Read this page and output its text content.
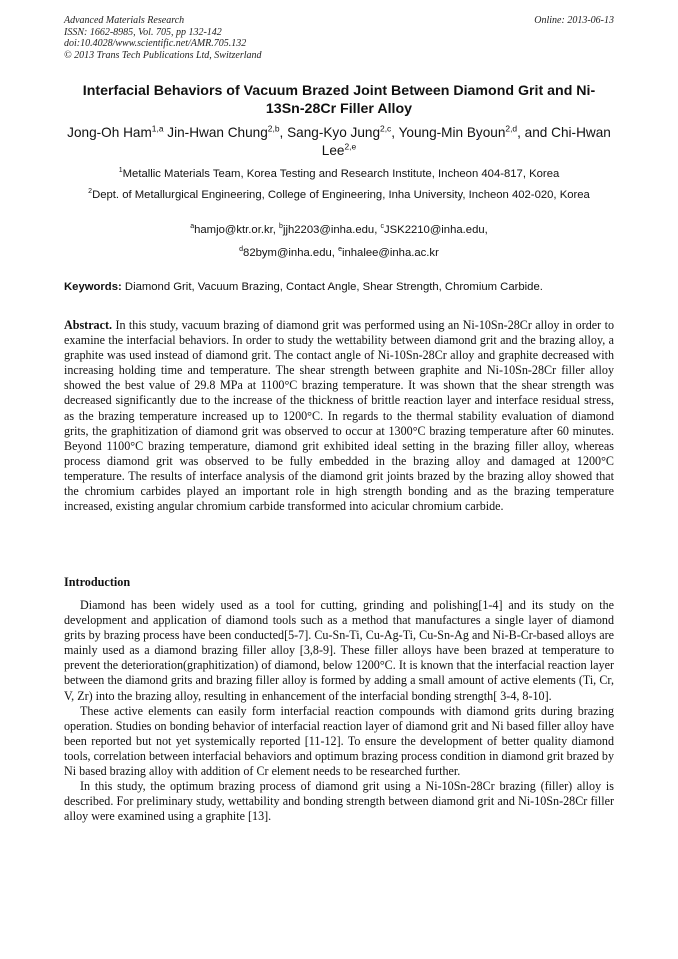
Advanced Materials Research
ISSN: 1662-8985, Vol. 705, pp 132-142
doi:10.4028/www.scientific.net/AMR.705.132
© 2013 Trans Tech Publications Ltd, Switzerland
Online: 2013-06-13
Interfacial Behaviors of Vacuum Brazed Joint Between Diamond Grit and Ni-13Sn-28Cr Filler Alloy
Jong-Oh Ham$^{1,a}$ Jin-Hwan Chung$^{2,b}$, Sang-Kyo Jung$^{2,c}$, Young-Min Byoun$^{2,d}$, and Chi-Hwan Lee$^{2,e}$
$^1$Metallic Materials Team, Korea Testing and Research Institute, Incheon 404-817, Korea
$^2$Dept. of Metallurgical Engineering, College of Engineering, Inha University, Incheon 402-020, Korea
$^a$hamjo@ktr.or.kr, $^b$jjh2203@inha.edu, $^c$JSK2210@inha.edu,
$^d$82bym@inha.edu, $^e$inhalee@inha.ac.kr
Keywords: Diamond Grit, Vacuum Brazing, Contact Angle, Shear Strength, Chromium Carbide.
Abstract. In this study, vacuum brazing of diamond grit was performed using an Ni-10Sn-28Cr alloy in order to examine the interfacial behaviors. In order to study the wettability between diamond grit and the brazing alloy, a graphite was used instead of diamond grit. The contact angle of Ni-10Sn-28Cr alloy and graphite decreased with increasing holding time and temperature. The shear strength between graphite and Ni-10Sn-28Cr filler alloy showed the best value of 29.8 MPa at 1100°C brazing temperature. It was shown that the shear strength was decreased significantly due to the increase of the thickness of brittle reaction layer and interface residual stress, as the brazing temperature increased up to 1200°C. In regards to the thermal stability evaluation of diamond grits, the graphitization of diamond grit was observed to occur at 1300°C brazing temperature after 60 minutes. Beyond 1100°C brazing temperature, diamond grit exhibited ideal setting in the brazing filler alloy, whereas process diamond grit was observed to be fully embedded in the brazing alloy and damaged at 1200°C temperature. The results of interface analysis of the diamond grit joints brazed by the brazing alloy showed that the chromium carbides played an important role in high strength bonding and as the brazing temperature increased, existing angular chromium carbide transformed into acicular chromium carbide.
Introduction

Diamond has been widely used as a tool for cutting, grinding and polishing[1-4] and its study on the development and application of diamond tools such as a method that manufactures a single layer of diamond grits by brazing process have been conducted[5-7]. Cu-Sn-Ti, Cu-Ag-Ti, Cu-Sn-Ag and Ni-B-Cr-based alloys are mainly used as a diamond brazing filler alloy [3,8-9]. These filler alloys have been brazed at temperature to prevent the deterioration(graphitization) of diamond, below 1200°C. It is known that the interfacial reaction layer between the diamond grits and brazing filler alloy is formed by adding a small amount of active elements (Ti, Cr, V, Zr) into the brazing alloy, resulting in enhancement of the interfacial bonding strength[ 3-4, 8-10].

These active elements can easily form interfacial reaction compounds with diamond grits during brazing operation. Studies on bonding behavior of interfacial reaction layer of diamond grit and Ni based filler alloy have been reported but not yet systemically reported [11-12]. To ensure the development of better quality diamond tools, correlation between interfacial behaviors and optimum brazing process condition in diamond grit brazed by Ni based brazing alloy with addition of Cr element needs to be researched further.

In this study, the optimum brazing process of diamond grit using a Ni-10Sn-28Cr brazing (filler) alloy is described. For preliminary study, wettability and bonding strength between diamond grit and Ni-10Sn-28Cr filler alloy were examined using a graphite [13].
